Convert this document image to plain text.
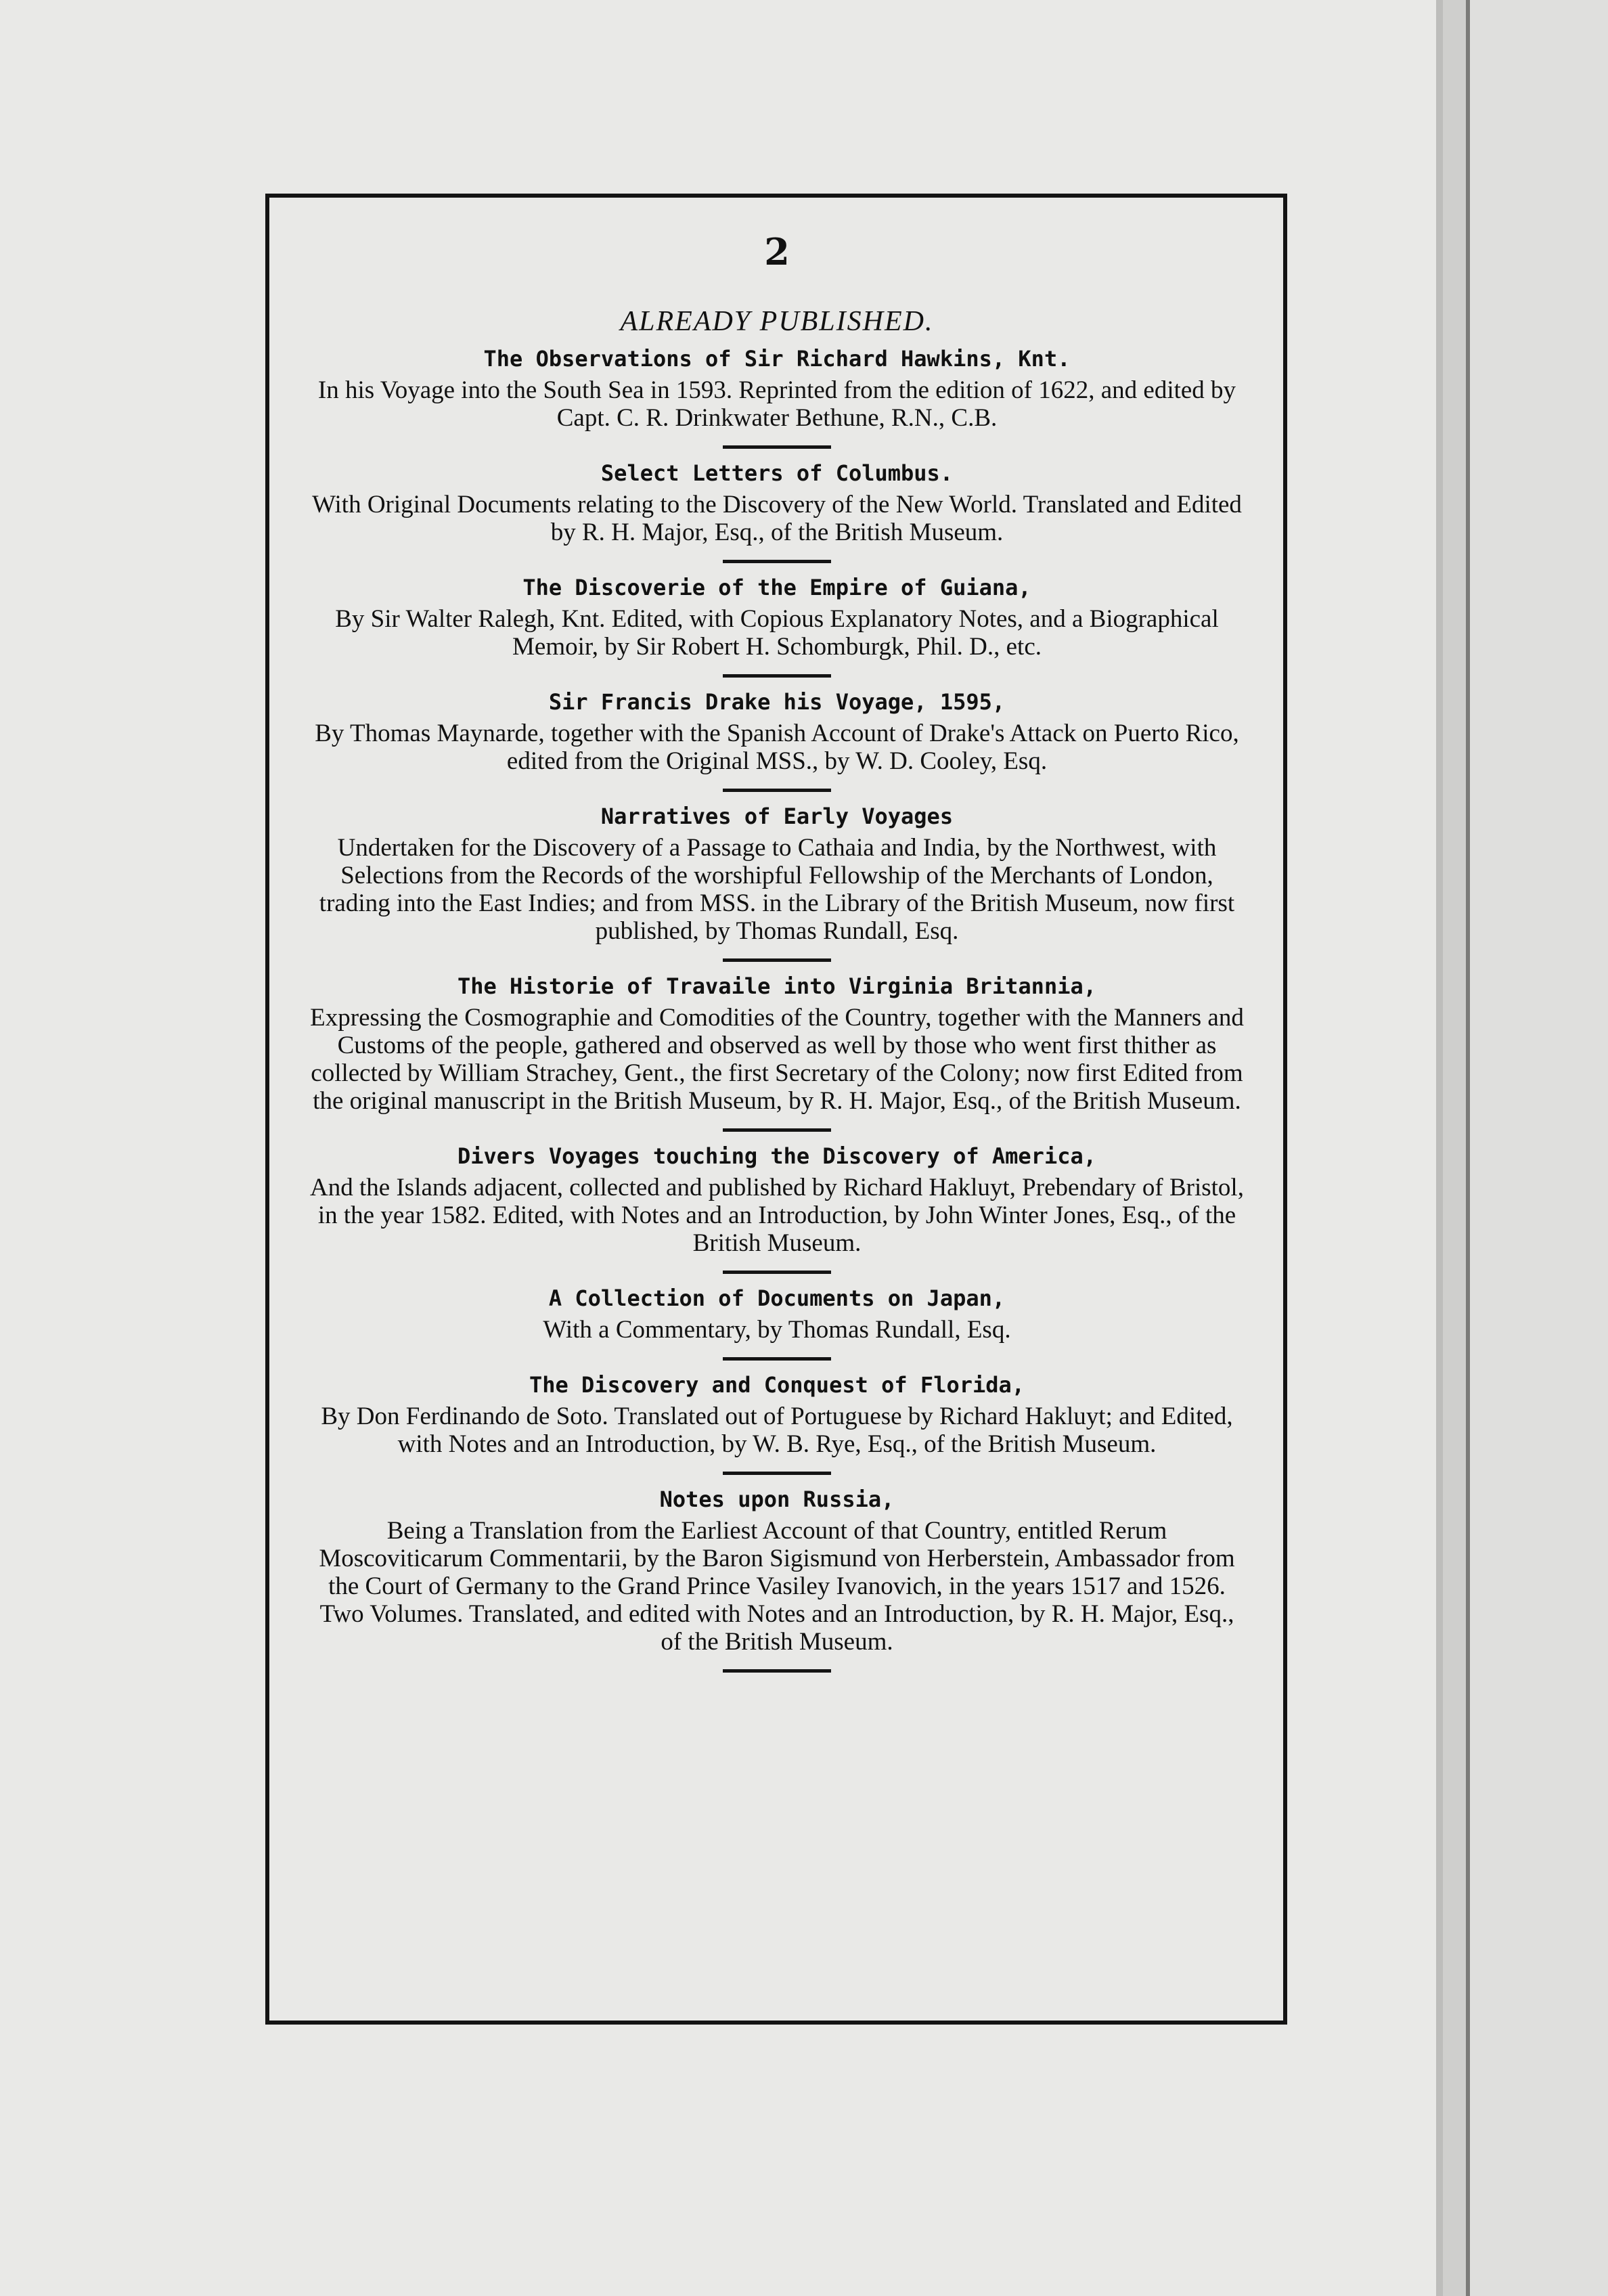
2

ALREADY PUBLISHED.

The Observations of Sir Richard Hawkins, Knt.

In his Voyage into the South Sea in 1593. Reprinted from the edition of 1622, and edited by Capt. C. R. Drinkwater Bethune, R.N., C.B.

Select Letters of Columbus.

With Original Documents relating to the Discovery of the New World. Translated and Edited by R. H. Major, Esq., of the British Museum.

The Discoverie of the Empire of Guiana,

By Sir Walter Ralegh, Knt. Edited, with Copious Explanatory Notes, and a Biographical Memoir, by Sir Robert H. Schomburgk, Phil. D., etc.

Sir Francis Drake his Voyage, 1595,

By Thomas Maynarde, together with the Spanish Account of Drake's Attack on Puerto Rico, edited from the Original MSS., by W. D. Cooley, Esq.

Narratives of Early Voyages

Undertaken for the Discovery of a Passage to Cathaia and India, by the Northwest, with Selections from the Records of the worshipful Fellowship of the Merchants of London, trading into the East Indies; and from MSS. in the Library of the British Museum, now first published, by Thomas Rundall, Esq.

The Historie of Travaile into Virginia Britannia,

Expressing the Cosmographie and Comodities of the Country, together with the Manners and Customs of the people, gathered and observed as well by those who went first thither as collected by William Strachey, Gent., the first Secretary of the Colony; now first Edited from the original manuscript in the British Museum, by R. H. Major, Esq., of the British Museum.

Divers Voyages touching the Discovery of America,

And the Islands adjacent, collected and published by Richard Hakluyt, Prebendary of Bristol, in the year 1582. Edited, with Notes and an Introduction, by John Winter Jones, Esq., of the British Museum.

A Collection of Documents on Japan,

With a Commentary, by Thomas Rundall, Esq.

The Discovery and Conquest of Florida,

By Don Ferdinando de Soto. Translated out of Portuguese by Richard Hakluyt; and Edited, with Notes and an Introduction, by W. B. Rye, Esq., of the British Museum.

Notes upon Russia,

Being a Translation from the Earliest Account of that Country, entitled Rerum Moscoviticarum Commentarii, by the Baron Sigismund von Herberstein, Ambassador from the Court of Germany to the Grand Prince Vasiley Ivanovich, in the years 1517 and 1526. Two Volumes. Translated, and edited with Notes and an Introduction, by R. H. Major, Esq., of the British Museum.
